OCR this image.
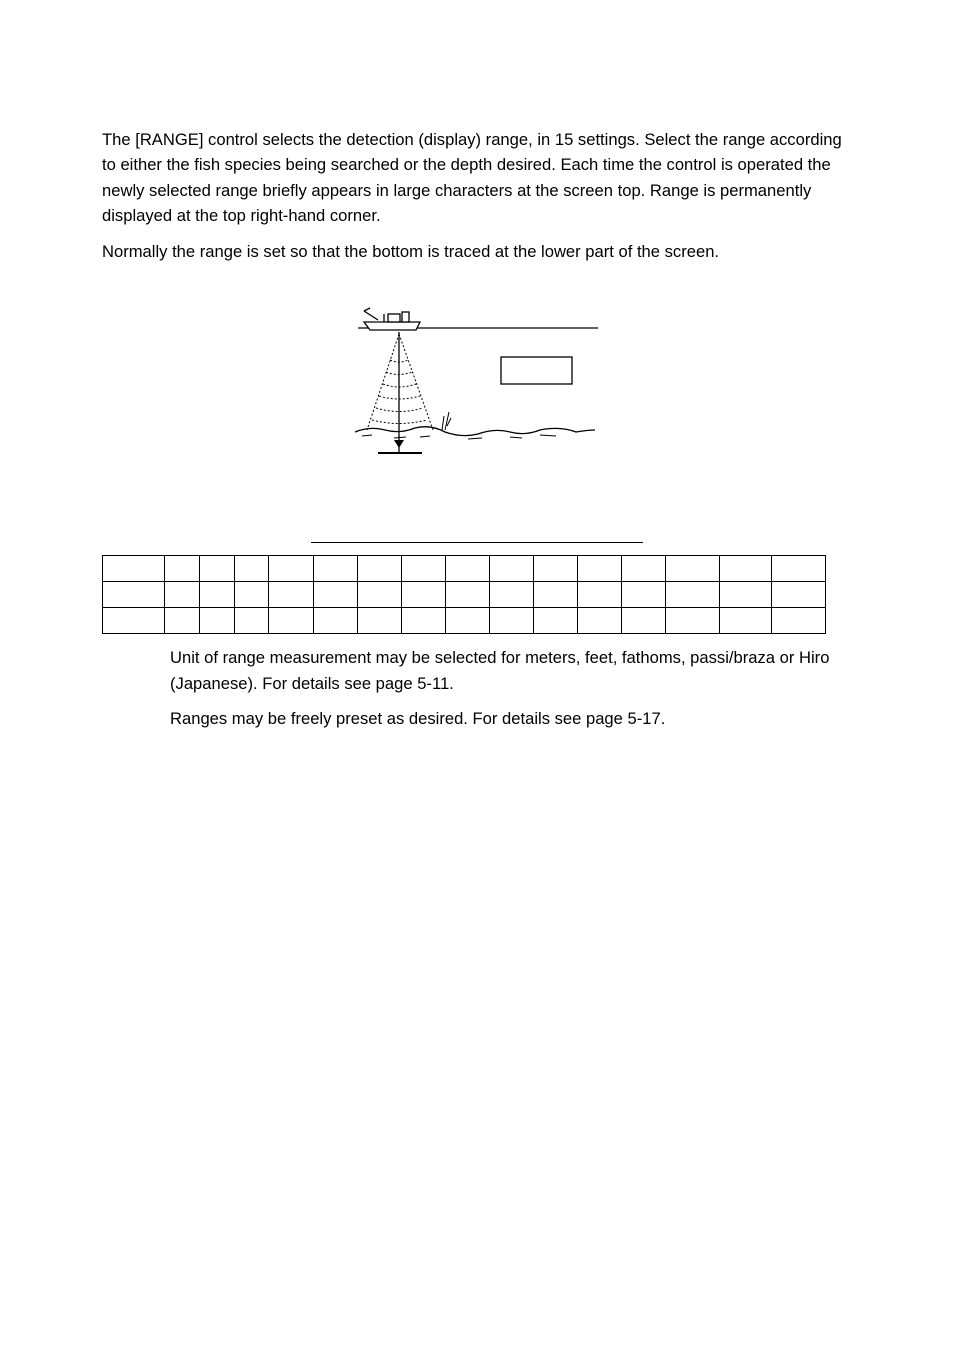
The [RANGE] control selects the detection (display) range, in 15 settings. Select the range according to either the fish species being searched or the depth desired. Each time the control is operated the newly selected range briefly appears in large characters at the screen top. Range is permanently displayed at the top right-hand corner.

Normally the range is set so that the bottom is traced at the lower part of the screen.

Unit of range measurement may be selected for meters, feet, fathoms, passi/braza or Hiro (Japanese). For details see page 5-11.

Ranges may be freely preset as desired. For details see page 5-17.
